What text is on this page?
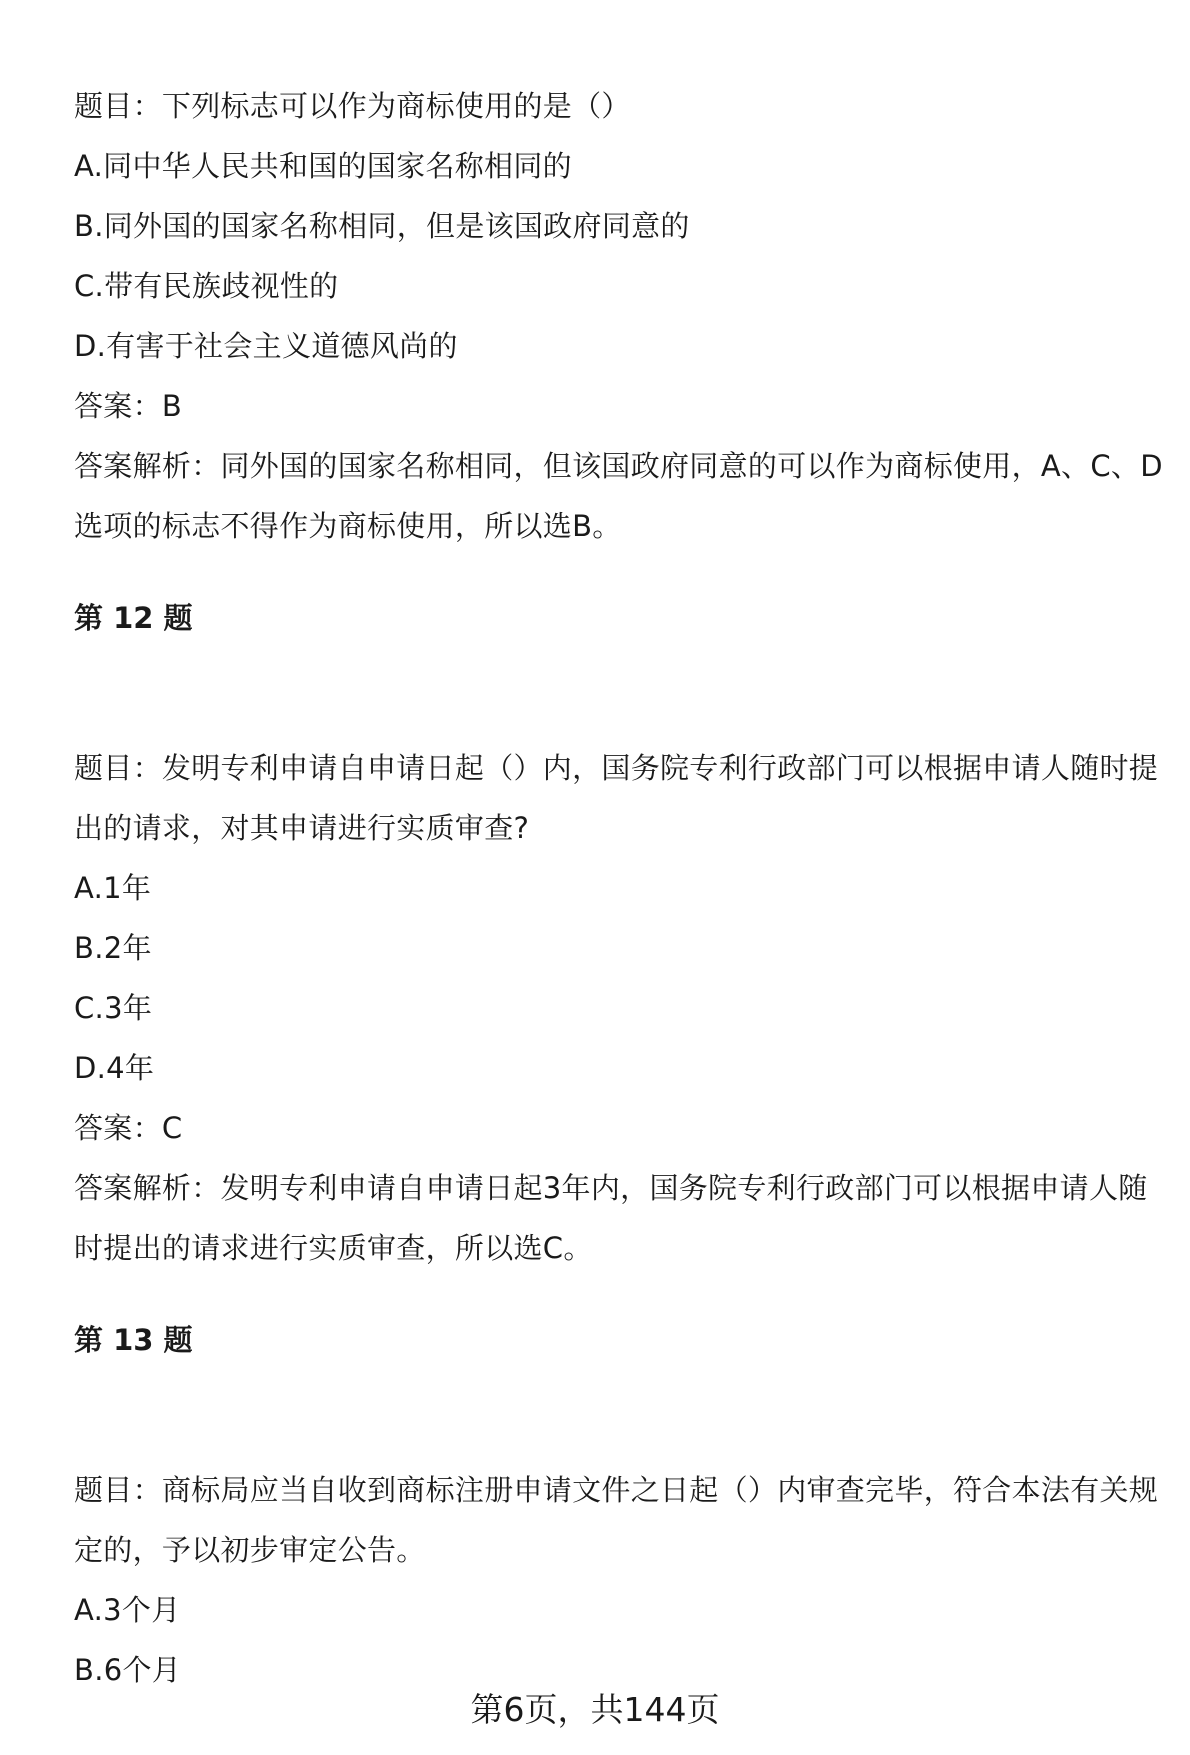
题目：下列标志可以作为商标使用的是（）
A.同中华人民共和国的国家名称相同的
B.同外国的国家名称相同，但是该国政府同意的
C.带有民族歧视性的
D.有害于社会主义道德风尚的
答案：B
答案解析：同外国的国家名称相同，但该国政府同意的可以作为商标使用，A、C、D选项的标志不得作为商标使用，所以选B。
第 12 题
题目：发明专利申请自申请日起（）内，国务院专利行政部门可以根据申请人随时提出的请求，对其申请进行实质审查?
A.1年
B.2年
C.3年
D.4年
答案：C
答案解析：发明专利申请自申请日起3年内，国务院专利行政部门可以根据申请人随时提出的请求进行实质审查，所以选C。
第 13 题
题目：商标局应当自收到商标注册申请文件之日起（）内审查完毕，符合本法有关规定的，予以初步审定公告。
A.3个月
B.6个月
第6页，共144页
